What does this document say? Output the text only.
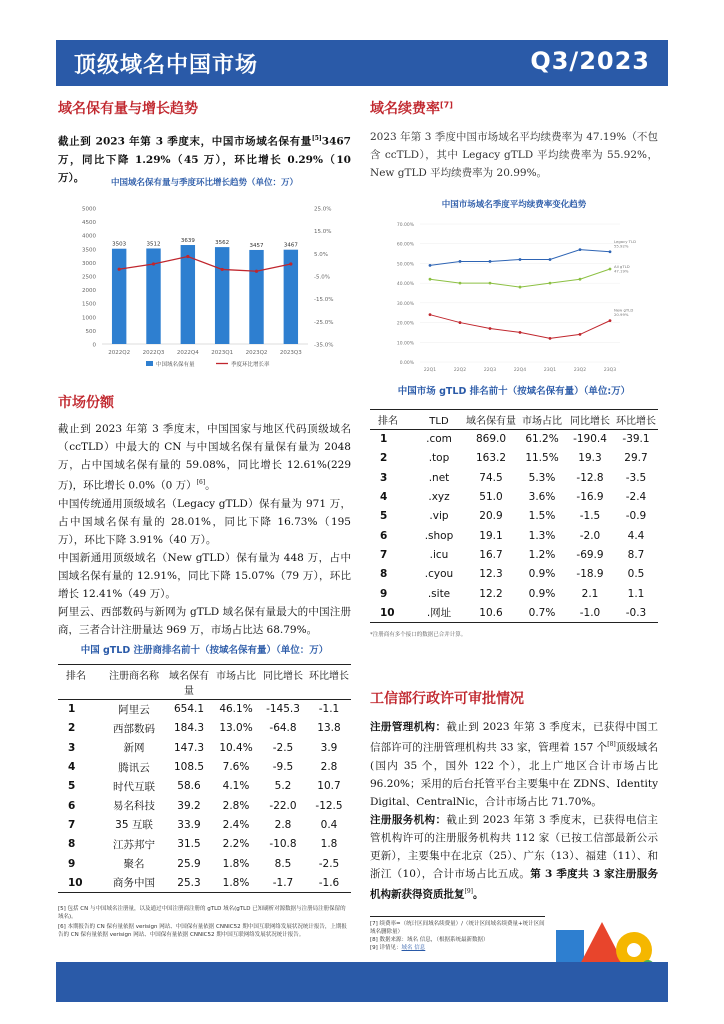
顶级域名中国市场	Q3/2023
域名保有量与增长趋势
截止到 2023 年第 3 季度末，中国市场域名保有量[5]3467 万，同比下降 1.29%（45 万），环比增长 0.29%（10 万）。	中国域名保有量与季度环比增长趋势（单位：万）
0
500
1000
1500
2000
2500
3000
3500
4000
4500
5000
-35.0%
-25.0%
-15.0%
-5.0%
5.0%
15.0%
25.0%
3503
2022Q2
3512
2022Q3
3639
2022Q4
3562
2023Q1
3457
2023Q2
3467
2023Q3
中国域名保有量	季度环比增长率
市场份额
截止到 2023 年第 3 季度末，中国国家与地区代码顶级域名（ccTLD）中最大的 CN 与中国域名保有量保有量为 2048 万，占中国域名保有量的 59.08%，同比增长 12.61%(229 万)，环比增长 0.0%（0 万）[6]。
中国传统通用顶级域名（Legacy gTLD）保有量为 971 万，占中国域名保有量的 28.01%，同比下降 16.73%（195 万），环比下降 3.91%（40 万）。
中国新通用顶级域名（New gTLD）保有量为 448 万，占中国域名保有量的 12.91%，同比下降 15.07%（79 万），环比增长 12.41%（49 万）。
阿里云、西部数码与新网为 gTLD 域名保有量最大的中国注册商，三者合计注册量达 969 万，市场占比达 68.79%。
中国 gTLD 注册商排名前十（按域名保有量）（单位：万）
排名	注册商名称	域名保有量	市场占比	同比增长	环比增长
1	阿里云	654.1	46.1%	-145.3	-1.1
2	西部数码	184.3	13.0%	-64.8	13.8
3	新网	147.3	10.4%	-2.5	3.9
4	腾讯云	108.5	7.6%	-9.5	2.8
5	时代互联	58.6	4.1%	5.2	10.7
6	易名科技	39.2	2.8%	-22.0	-12.5
7	35 互联	33.9	2.4%	2.8	0.4
8	江苏邦宁	31.5	2.2%	-10.8	1.8
9	聚名	25.9	1.8%	8.5	-2.5
10	商务中国	25.3	1.8%	-1.7	-1.6
[5] 包括 CN 与中国域名注册量，以及通过中国注册商注册的 gTLD 域名(gTLD 已知刷析对源数据与注册局注册保留的域名)。
[6] 本期报告的 CN 保有量依据 verisign 网站、中国保有量依据 CNNIC52 期中国互联网络发展状况统计报告，上期报告的 CN 保有量依据 verisign 网站、中国保有量依据 CNNIC52 期中国互联网络发展状况统计报告。
域名续费率[7]
2023 年第 3 季度中国市场域名平均续费率为 47.19%（不包含 ccTLD），其中 Legacy gTLD 平均续费率为 55.92%，New gTLD 平均续费率为 20.99%。
中国市场域名季度平均续费率变化趋势
0.00%
10.00%
20.00%
30.00%
40.00%
50.00%
60.00%
70.00%
22Q1	22Q2	22Q3	22Q4	23Q1	23Q2	23Q3
Legacy TLD
55.92%
All gTLD
47.19%
New gTLD
20.99%
中国市场 gTLD 排名前十（按域名保有量）（单位:万）
排名	TLD	域名保有量	市场占比	同比增长	环比增长
1	.com	869.0	61.2%	-190.4	-39.1
2	.top	163.2	11.5%	19.3	29.7
3	.net	74.5	5.3%	-12.8	-3.5
4	.xyz	51.0	3.6%	-16.9	-2.4
5	.vip	20.9	1.5%	-1.5	-0.9
6	.shop	19.1	1.3%	-2.0	4.4
7	.icu	16.7	1.2%	-69.9	8.7
8	.cyou	12.3	0.9%	-18.9	0.5
9	.site	12.2	0.9%	2.1	1.1
10	.网址	10.6	0.7%	-1.0	-0.3
*注册商有多个接口的数据已合并计算。
工信部行政许可审批情况
注册管理机构：截止到 2023 年第 3 季度末，已获得中国工信部许可的注册管理机构共 33 家，管理着 157 个[8]顶级域名(国内 35 个，国外 122 个），北上广地区合计市场占比 96.20%；采用的后台托管平台主要集中在 ZDNS、Identity Digital、CentralNic，合计市场占比 71.70%。
注册服务机构：截止到 2023 年第 3 季度末，已获得电信主管机构许可的注册服务机构共 112 家（已按工信部最新公示更新），主要集中在北京（25）、广东（13）、福建（11）、和浙江（10），合计市场占比五成。第 3 季度共 3 家注册服务机构新获得资质批复[9]。
[7] 续费率=（统计区间域名续费量）/（统计区间域名续费量+统计区间域名删除量）
[8] 数据来源：域名 信息，（根据系统最新数据）
[9] 详情见：域名 信息
